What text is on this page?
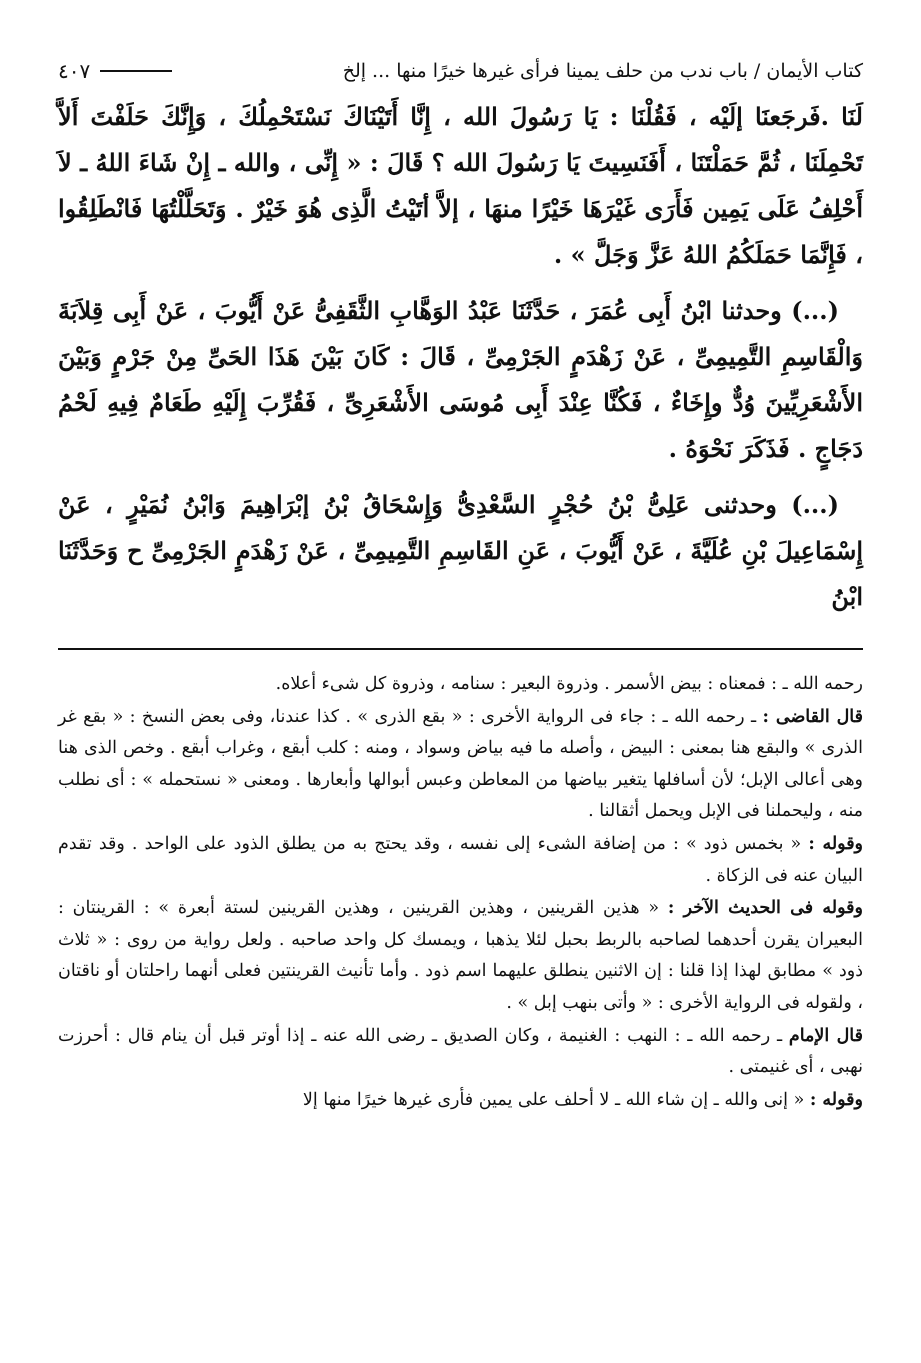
كتاب الأيمان / باب ندب من حلف يمينا فرأى غيرها خيرًا منها ... إلخ
٤٠٧

لَنَا .فَرجَعنَا إلَيْه ، فَقُلْنَا : يَا رَسُولَ الله ، إِنَّا أَتَيْنَاكَ نَسْتَحْمِلُكَ ، وَإِنَّكَ حَلَفْتَ أَلاَّ تَحْمِلَنَا ، ثُمَّ حَمَلْتَنَا ، أَفَنَسِيتَ يَا رَسُولَ الله ؟ قَالَ : « إِنِّى ، والله ـ إِنْ شَاءَ اللهُ ـ لاَ أَحْلِفُ عَلَى يَمِين فَأَرَى غَيْرَهَا خَيْرًا منهَا ، إلاَّ أتَيْتُ الَّذِى هُوَ خَيْرٌ . وَتَحَلَّلْتُهَا فَانْطَلِقُوا ، فَإِنَّمَا حَمَلَكُمُ اللهُ عَزَّ وَجَلَّ » .

(...) وحدثنا ابْنُ أَبِى عُمَرَ ، حَدَّثَنَا عَبْدُ الوَهَّابِ الثَّقَفِىُّ عَنْ أَيُّوبَ ، عَنْ أَبِى قِلاَبَةَ وَالْقَاسِمِ التَّمِيمِىِّ ، عَنْ زَهْدَمٍ الجَرْمِىِّ ، قَالَ : كَانَ بَيْنَ هَذَا الحَىِّ مِنْ جَرْمٍ وَبَيْنَ الأَشْعَرِيِّينَ وُدٌّ وإِخَاءٌ ، فَكُنَّا عِنْدَ أَبِى مُوسَى الأَشْعَرِىِّ ، فَقُرِّبَ إِلَيْهِ طَعَامٌ فِيهِ لَحْمُ دَجَاجٍ . فَذَكَرَ نَحْوَهُ .

(...) وحدثنى عَلِىُّ بْنُ حُجْرٍ السَّعْدِىُّ وَإِسْحَاقُ بْنُ إبْرَاهِيمَ وَابْنُ نُمَيْرٍ ، عَنْ إِسْمَاعِيلَ بْنِ عُلَيَّةَ ، عَنْ أَيُّوبَ ، عَنِ القَاسِمِ التَّمِيمِىِّ ، عَنْ زَهْدَمٍ الجَرْمِىِّ ح وَحَدَّثَنَا ابْنُ

رحمه الله ـ : فمعناه : بيض الأسمر . وذروة البعير : سنامه ، وذروة كل شىء أعلاه.

قال القاضى : ـ رحمه الله ـ : جاء فى الرواية الأخرى : « بقع الذرى » . كذا عندنا، وفى بعض النسخ : « بقع غر الذرى » والبقع هنا بمعنى : البيض ، وأصله ما فيه بياض وسواد ، ومنه : كلب أبقع ، وغراب أبقع . وخص الذى هنا وهى أعالى الإبل؛ لأن أسافلها يتغير بياضها من المعاطن وعبس أبوالها وأبعارها . ومعنى « نستحمله » : أى نطلب منه ، وليحملنا فى الإبل ويحمل أثقالنا .

وقوله : « بخمس ذود » : من إضافة الشىء إلى نفسه ، وقد يحتج به من يطلق الذود على الواحد . وقد تقدم البيان عنه فى الزكاة .

وقوله فى الحديث الآخر : « هذين القرينين ، وهذين القرينين ، وهذين القرينين لستة أبعرة » : القرينتان : البعيران يقرن أحدهما لصاحبه بالربط بحبل لئلا يذهبا ، ويمسك كل واحد صاحبه . ولعل رواية من روى : « ثلاث ذود » مطابق لهذا إذا قلنا : إن الاثنين ينطلق عليهما اسم ذود . وأما تأنيث القرينتين فعلى أنهما راحلتان أو ناقتان ، ولقوله فى الرواية الأخرى : « وأتى بنهب إبل » .

قال الإمام ـ رحمه الله ـ : النهب : الغنيمة ، وكان الصديق ـ رضى الله عنه ـ إذا أوتر قبل أن ينام قال : أحرزت نهبى ، أى غنيمتى .

وقوله : « إنى والله ـ إن شاء الله ـ لا أحلف على يمين فأرى غيرها خيرًا منها إلا
